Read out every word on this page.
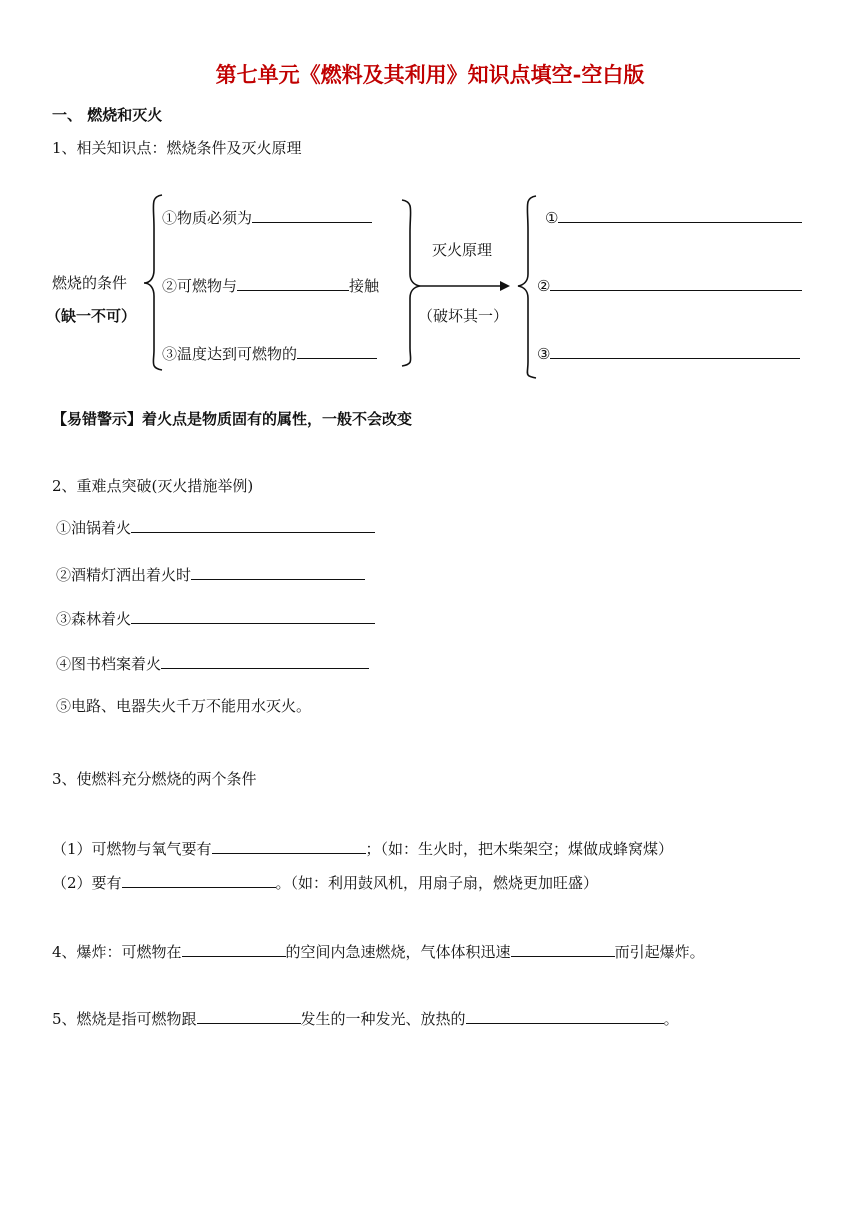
第七单元《燃料及其利用》知识点填空-空白版
一、 燃烧和灭火
1、相关知识点：燃烧条件及灭火原理
燃烧的条件
（缺一不可）
①物质必须为
②可燃物与	接触
③温度达到可燃物的
灭火原理
（破坏其一）
①
②
③
【易错警示】着火点是物质固有的属性，一般不会改变
2、重难点突破(灭火措施举例)
①油锅着火
②酒精灯洒出着火时
③森林着火
④图书档案着火
⑤电路、电器失火千万不能用水灭火。
3、使燃料充分燃烧的两个条件
（1）可燃物与氧气要有	；（如：生火时，把木柴架空；煤做成蜂窝煤）
（2）要有	。（如：利用鼓风机，用扇子扇，燃烧更加旺盛）
4、爆炸：可燃物在	的空间内急速燃烧，气体体积迅速	而引起爆炸。
5、燃烧是指可燃物跟	发生的一种发光、放热的	。
